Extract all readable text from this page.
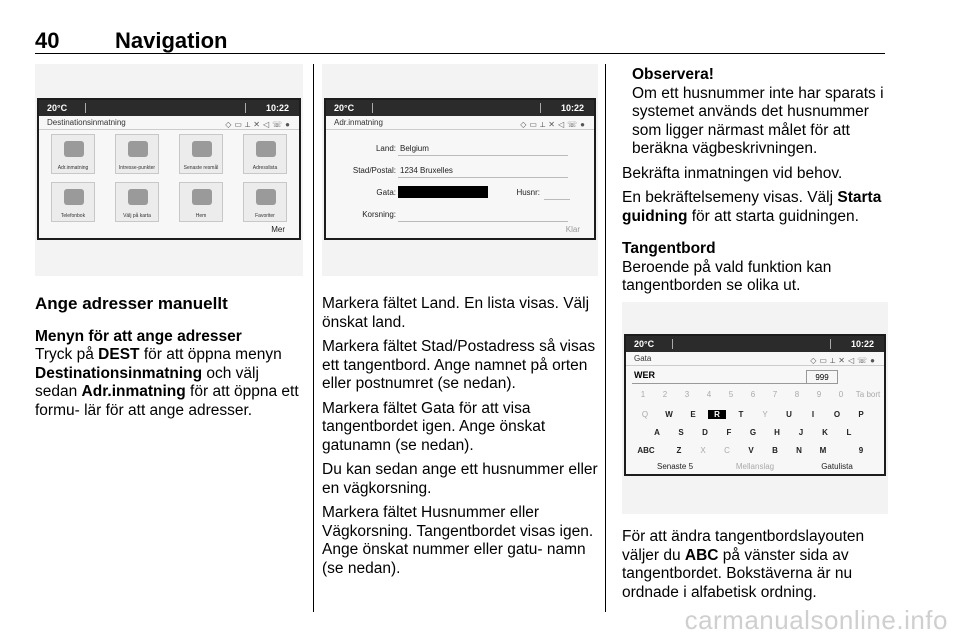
40	Navigation
20°C	10:22
Destinationsinmatning	◇▭⟂✕◁☏●
Adr.inmatning	Intresse-punkter	Senaste resmål	Adresslista
Telefonbok	Välj på karta	Hem	Favoriter
Mer
Ange adresser manuellt
Menyn för att ange adresser

Tryck på DEST för att öppna menyn Destinationsinmatning och välj sedan Adr.inmatning för att öppna ett formu- lär för att ange adresser.

20°C	10:22
Adr.inmatning	◇▭⟂✕◁☏●
Land: Belgium
Stad/Postal: 1234 Bruxelles
Gata:	Husnr:
Korsning:
Klar

Markera fältet Land. En lista visas. Välj önskat land.

Markera fältet Stad/Postadress så visas ett tangentbord. Ange namnet på orten eller postnumret (se nedan).

Markera fältet Gata för att visa tangentbordet igen. Ange önskat gatunamn (se nedan).

Du kan sedan ange ett husnummer eller en vägkorsning.

Markera fältet Husnummer eller Vägkorsning. Tangentbordet visas igen. Ange önskat nummer eller gatu- namn (se nedan).

Observera!
Om ett husnummer inte har sparats i systemet används det husnummer som ligger närmast målet för att beräkna vägbeskrivningen.

Bekräfta inmatningen vid behov.

En bekräftelsemeny visas. Välj Starta guidning för att starta guidningen.

Tangentbord

Beroende på vald funktion kan tangentborden se olika ut.

20°C	10:22
Gata	◇▭⟂✕◁☏●
WER	999
1	2	3	4	5	6	7	8	9	0	Ta bort
Q	W	E	R	T	Y	U	I	O	P
A	S	D	F	G	H	J	K	L
ABC	Z	X	C	V	B	N	M	9
Senaste 5	Mellanslag	Gatulista

För att ändra tangentbordslayouten väljer du ABC på vänster sida av tangentbordet. Bokstäverna är nu ordnade i alfabetisk ordning.

carmanualsonline.info
